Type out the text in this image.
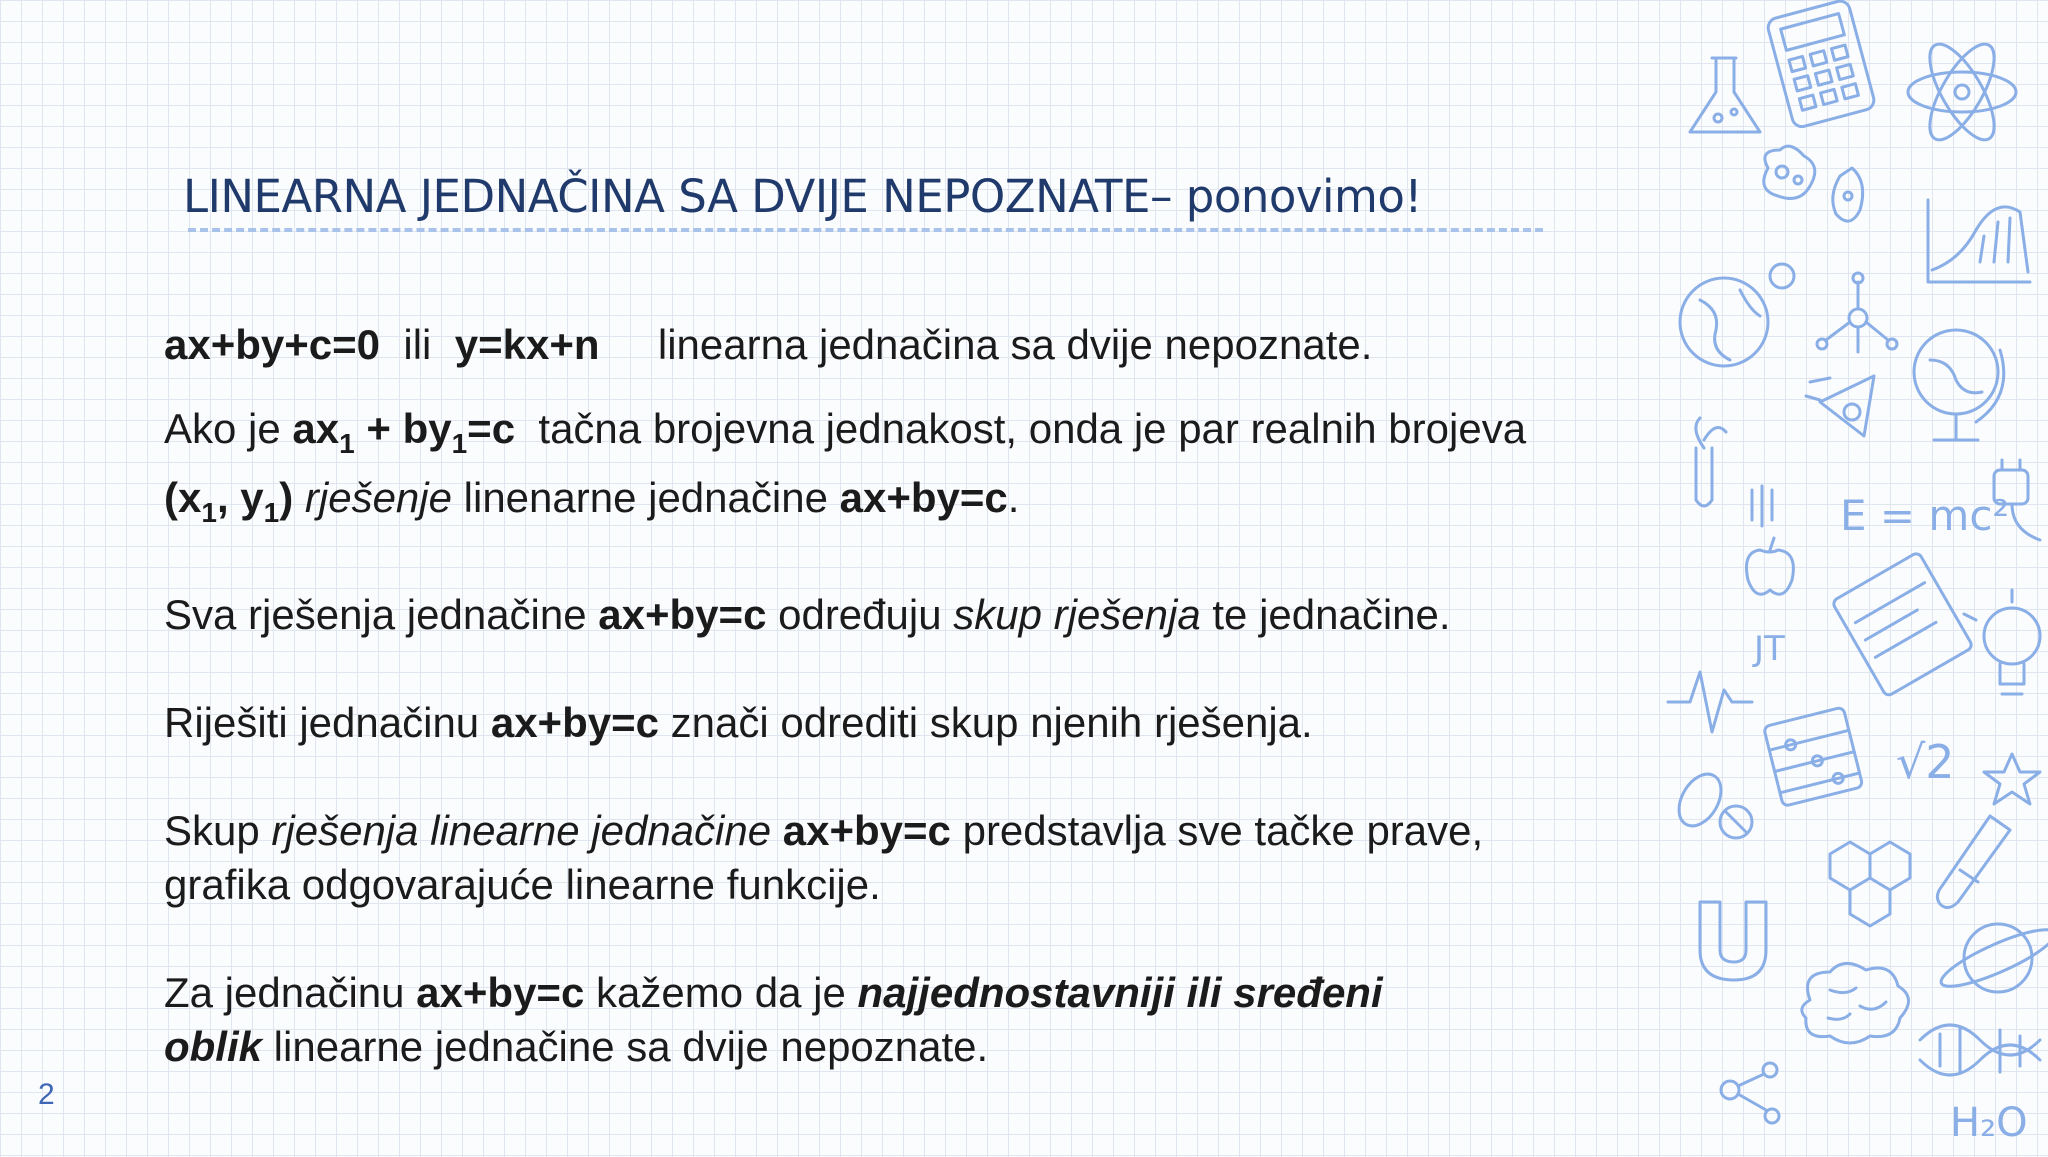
LINEARNA JEDNAČINA SA DVIJE NEPOZNATE– ponovimo!

ax+by+c=0 ili y=kx+n linearna jednačina sa dvije nepoznate.

Ako je $ax_1 + by_1=c$ tačna brojevna jednakost, onda je par realnih brojeva
($x_1$, $y_1$) rješenje linenarne jednačine ax+by=c.

Sva rješenja jednačine ax+by=c određuju skup rješenja te jednačine.

Riješiti jednačinu ax+by=c znači odrediti skup njenih rješenja.

Skup rješenja linearne jednačine ax+by=c predstavlja sve tačke prave,
grafika odgovarajuće linearne funkcije.

Za jednačinu ax+by=c kažemo da je najjednostavniji ili sređeni
oblik linearne jednačine sa dvije nepoznate.

2
E = mc²
JT
√2
H₂O
